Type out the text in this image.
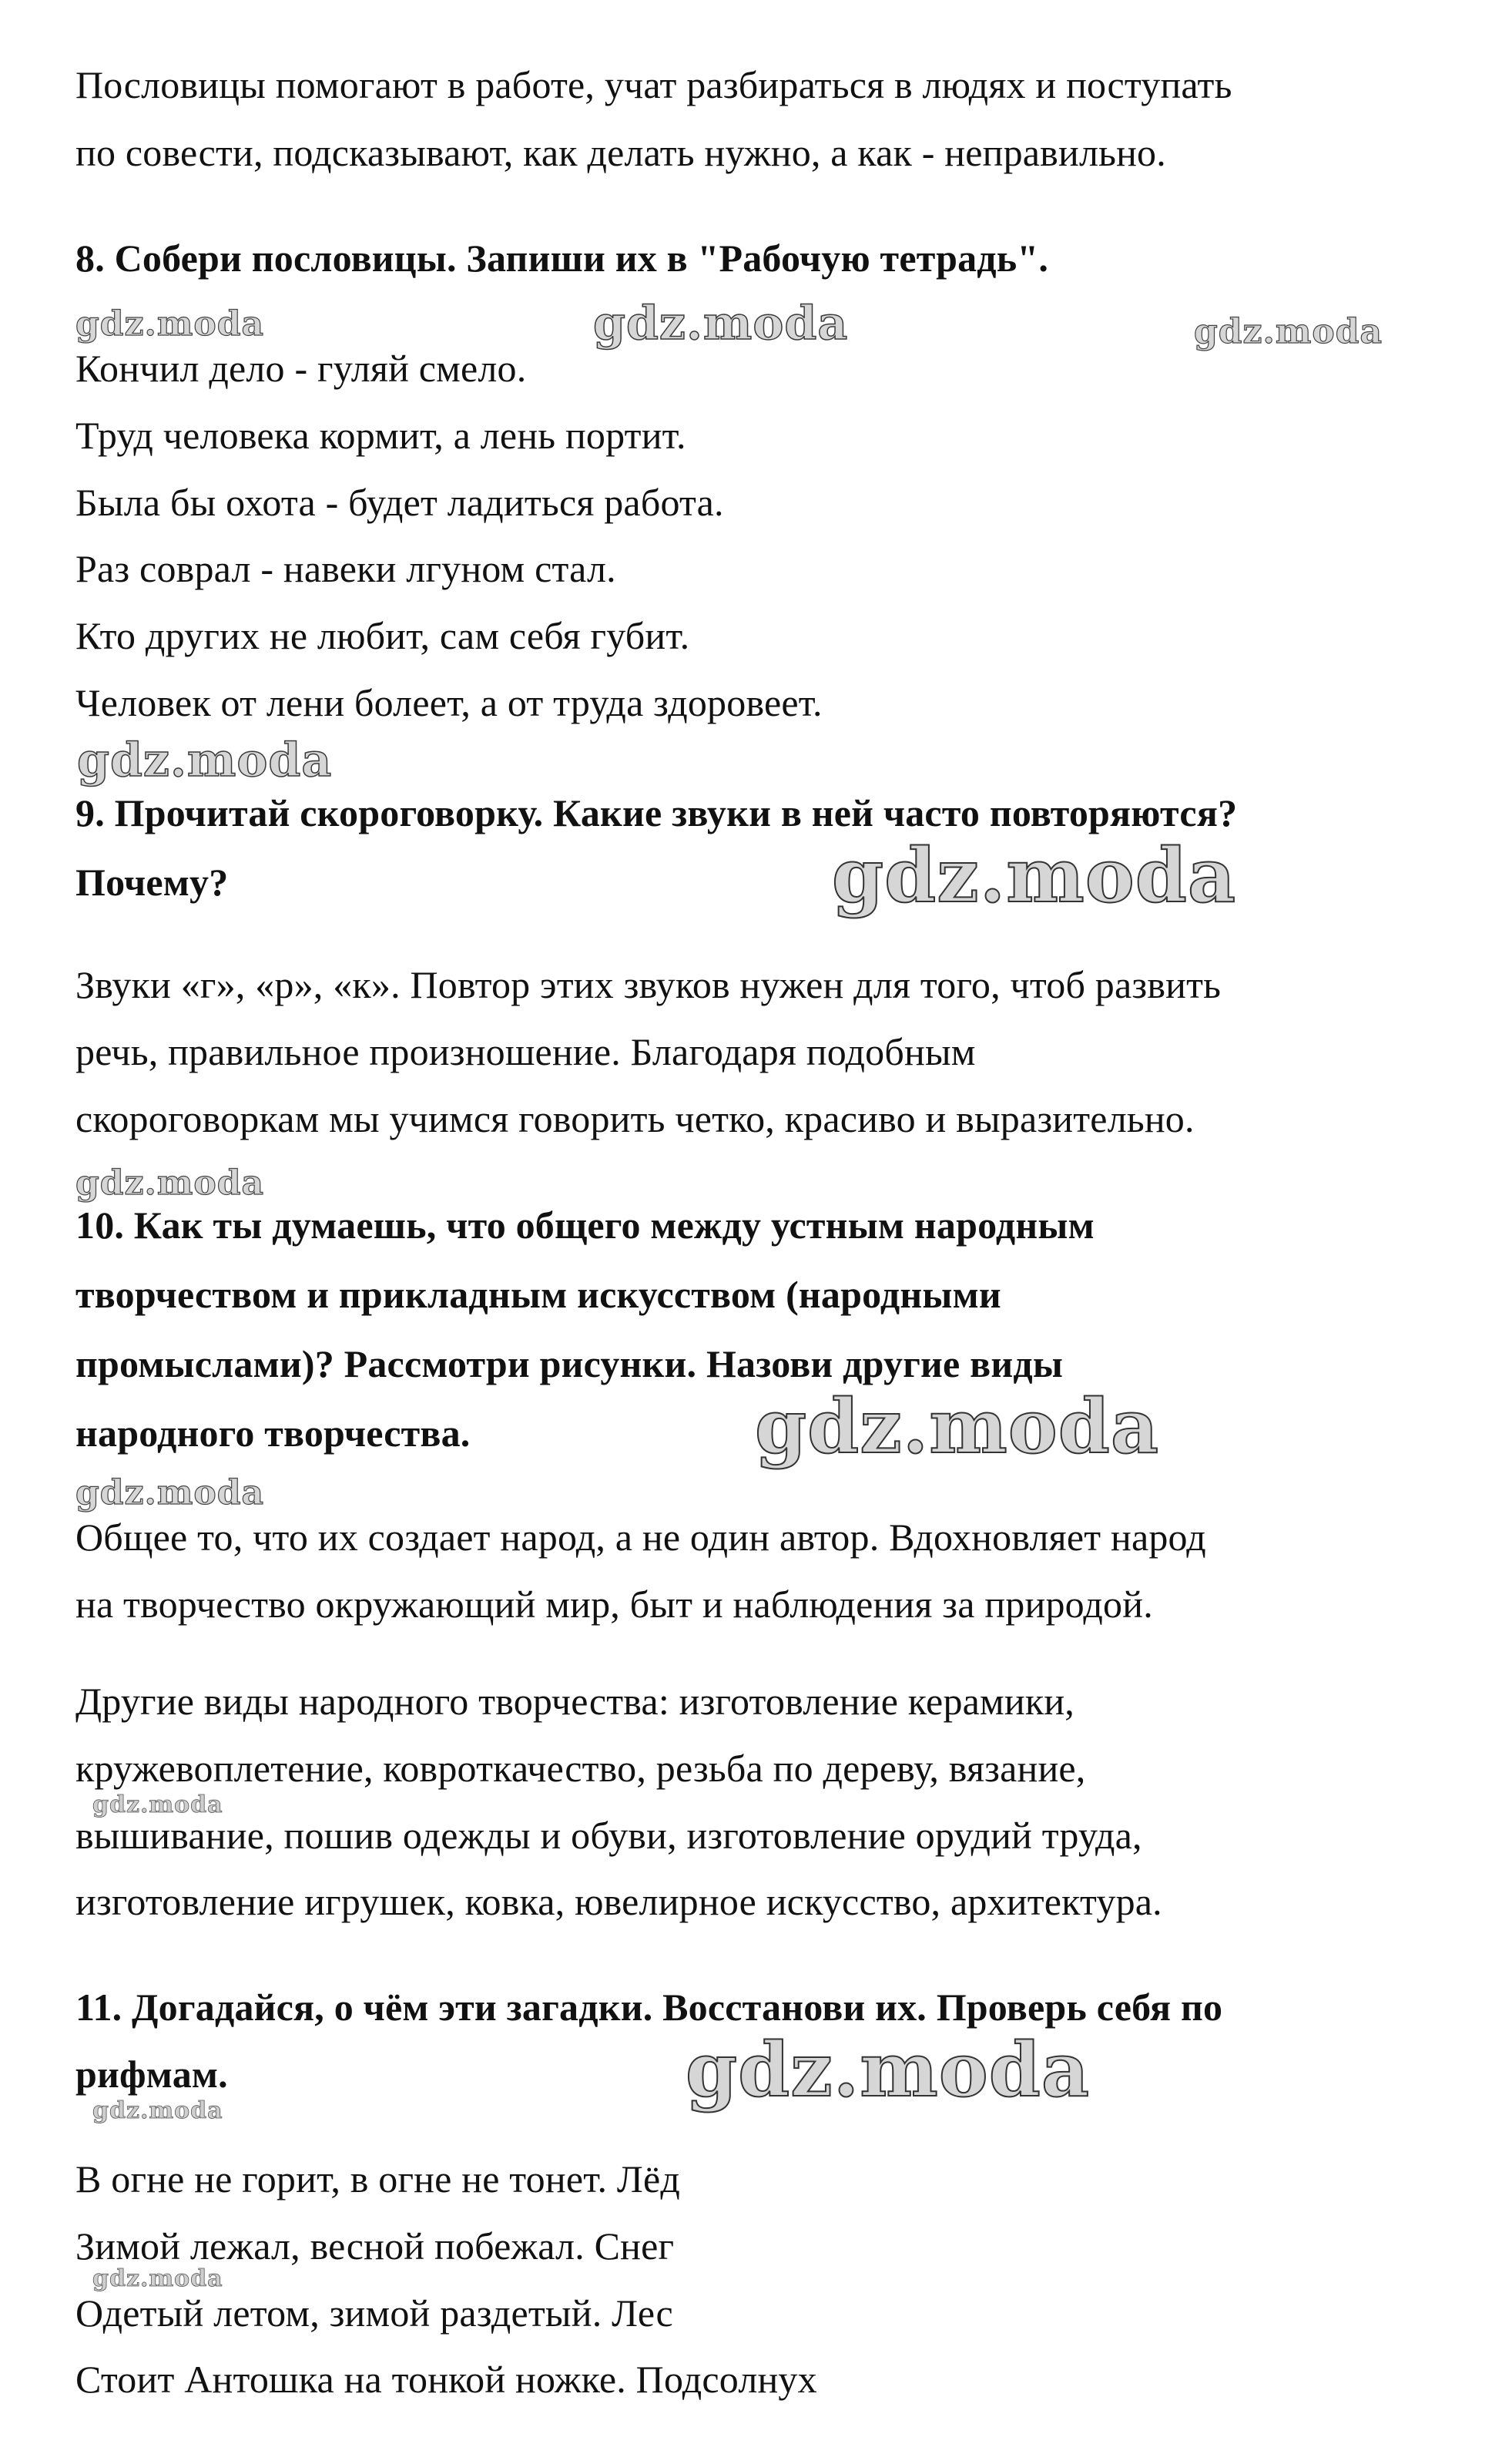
Пословицы помогают в работе, учат разбираться в людях и поступать
по совести, подсказывают, как делать нужно, а как - неправильно.
8. Собери пословицы. Запиши их в "Рабочую тетрадь".
gdz.moda	gdz.moda	gdz.moda
Кончил дело - гуляй смело.
Труд человека кормит, а лень портит.
Была бы охота - будет ладиться работа.
Раз соврал - навеки лгуном стал.
Кто других не любит, сам себя губит.
Человек от лени болеет, а от труда здоровеет.
gdz.moda
9. Прочитай скороговорку. Какие звуки в ней часто повторяются?
Почему?	gdz.moda
Звуки «г», «р», «к». Повтор этих звуков нужен для того, чтоб развить
речь, правильное произношение. Благодаря подобным
скороговоркам мы учимся говорить четко, красиво и выразительно.
gdz.moda
10. Как ты думаешь, что общего между устным народным
творчеством и прикладным искусством (народными
промыслами)? Рассмотри рисунки. Назови другие виды
народного творчества.	gdz.moda
gdz.moda
Общее то, что их создает народ, а не один автор. Вдохновляет народ
на творчество окружающий мир, быт и наблюдения за природой.
Другие виды народного творчества: изготовление керамики,
кружевоплетение, ковроткачество, резьба по дереву, вязание,
gdz.moda
вышивание, пошив одежды и обуви, изготовление орудий труда,
изготовление игрушек, ковка, ювелирное искусство, архитектура.
11. Догадайся, о чём эти загадки. Восстанови их. Проверь себя по
рифмам.	gdz.moda
gdz.moda
В огне не горит, в огне не тонет. Лёд
Зимой лежал, весной побежал. Снег
gdz.moda
Одетый летом, зимой раздетый. Лес
Стоит Антошка на тонкой ножке. Подсолнух
